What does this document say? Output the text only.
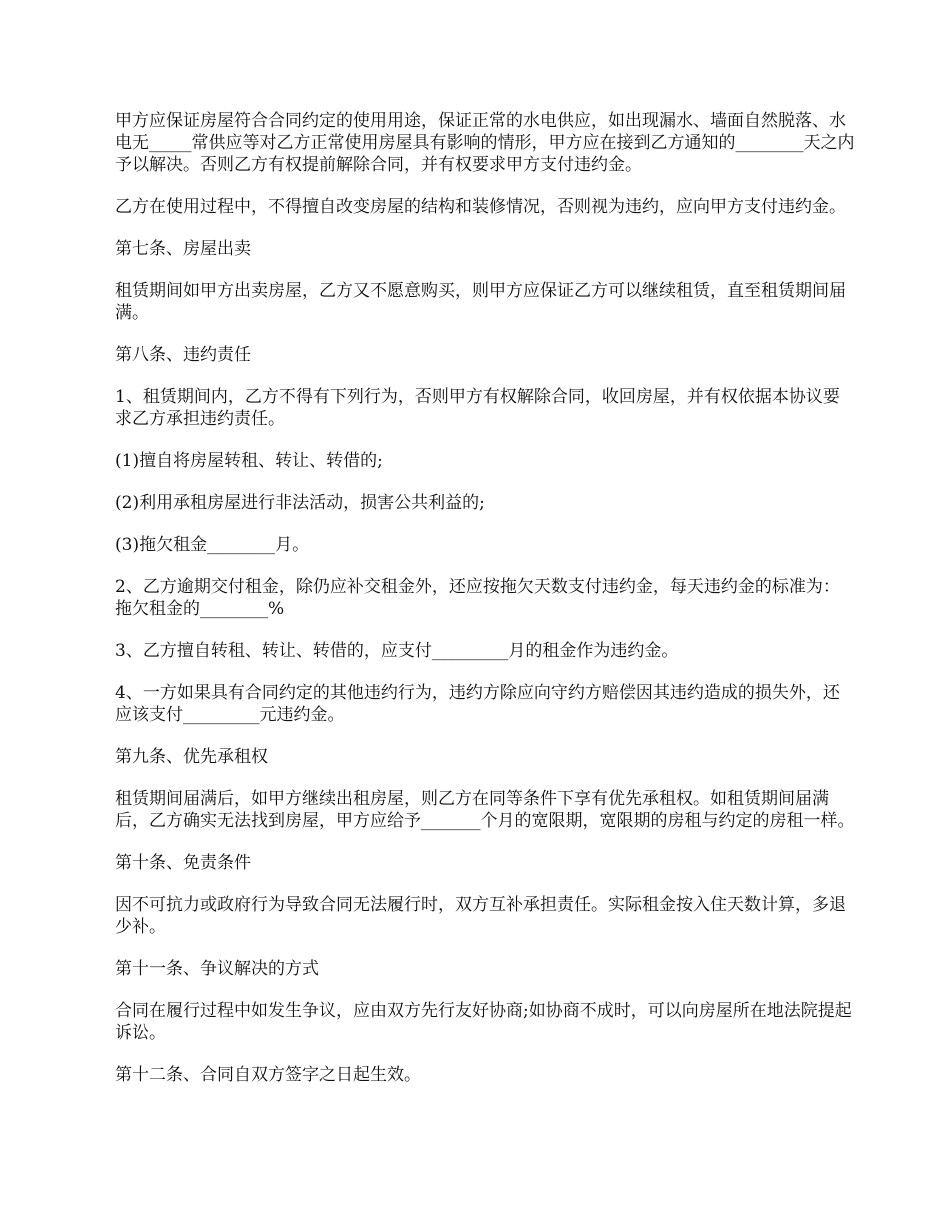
甲方应保证房屋符合合同约定的使用用途，保证正常的水电供应，如出现漏水、墙面自然脱落、水电无_____常供应等对乙方正常使用房屋具有影响的情形，甲方应在接到乙方通知的________天之内予以解决。否则乙方有权提前解除合同，并有权要求甲方支付违约金。

乙方在使用过程中，不得擅自改变房屋的结构和装修情况，否则视为违约，应向甲方支付违约金。

第七条、房屋出卖

租赁期间如甲方出卖房屋，乙方又不愿意购买，则甲方应保证乙方可以继续租赁，直至租赁期间届满。

第八条、违约责任

1、租赁期间内，乙方不得有下列行为，否则甲方有权解除合同，收回房屋，并有权依据本协议要求乙方承担违约责任。

(1)擅自将房屋转租、转让、转借的;

(2)利用承租房屋进行非法活动，损害公共利益的;

(3)拖欠租金________月。

2、乙方逾期交付租金，除仍应补交租金外，还应按拖欠天数支付违约金，每天违约金的标准为：拖欠租金的________%

3、乙方擅自转租、转让、转借的，应支付_________月的租金作为违约金。

4、一方如果具有合同约定的其他违约行为，违约方除应向守约方赔偿因其违约造成的损失外，还应该支付_________元违约金。

第九条、优先承租权

租赁期间届满后，如甲方继续出租房屋，则乙方在同等条件下享有优先承租权。如租赁期间届满后，乙方确实无法找到房屋，甲方应给予_______个月的宽限期，宽限期的房租与约定的房租一样。

第十条、免责条件

因不可抗力或政府行为导致合同无法履行时，双方互补承担责任。实际租金按入住天数计算，多退少补。

第十一条、争议解决的方式

合同在履行过程中如发生争议，应由双方先行友好协商;如协商不成时，可以向房屋所在地法院提起诉讼。

第十二条、合同自双方签字之日起生效。
